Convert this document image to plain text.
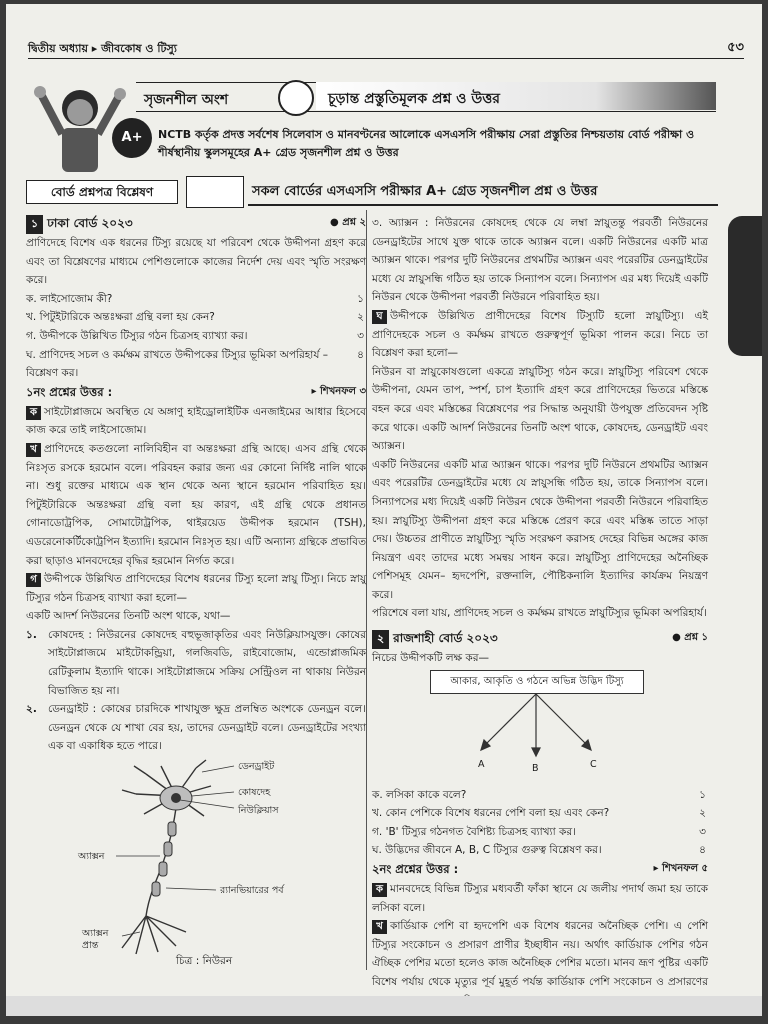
দ্বিতীয় অধ্যায় ▸ জীবকোষ ও টিস্যু	৫৩
সৃজনশীল অংশ	চূড়ান্ত প্রস্তুতিমূলক প্রশ্ন ও উত্তর
A+	NCTB কর্তৃক প্রদত্ত সর্বশেষ সিলেবাস ও মানবণ্টনের আলোকে এসএসসি পরীক্ষায় সেরা প্রস্তুতির নিশ্চয়তায় বোর্ড পরীক্ষা ও শীর্ষস্থানীয় স্কুলসমূহের A+ গ্রেড সৃজনশীল প্রশ্ন ও উত্তর
বোর্ড প্রশ্নপত্র বিশ্লেষণ	সকল বোর্ডের এসএসসি পরীক্ষার A+ গ্রেড সৃজনশীল প্রশ্ন ও উত্তর
১ ঢাকা বোর্ড ২০২৩	● প্রশ্ন ২

প্রাণিদেহে বিশেষ এক ধরনের টিস্যু রয়েছে যা পরিবেশ থেকে উদ্দীপনা গ্রহণ করে এবং তা বিশ্লেষণের মাধ্যমে পেশিগুলোকে কাজের নির্দেশ দেয় এবং স্মৃতি সংরক্ষণ করে।

ক. লাইসোজোম কী?	১
খ. পিটুইটারিকে অন্তঃক্ষরা গ্রন্থি বলা হয় কেন?	২
গ. উদ্দীপকে উল্লিখিত টিস্যুর গঠন চিত্রসহ ব্যাখ্যা কর।	৩
ঘ. প্রাণিদেহ সচল ও কর্মক্ষম রাখতে উদ্দীপকের টিস্যুর ভূমিকা অপরিহার্য – বিশ্লেষণ কর।
৪
১নং প্রশ্নের উত্তর :	▸ শিখনফল ৩

ক সাইটোপ্লাজমে অবস্থিত যে অঙ্গাণু হাইড্রোলাইটিক এনজাইমের আধার হিসেবে কাজ করে তাই লাইসোজোম।

খ প্রাণিদেহে কতগুলো নালিবিহীন বা অন্তঃক্ষরা গ্রন্থি আছে। এসব গ্রন্থি থেকে নিঃসৃত রসকে হরমোন বলে। পরিবহন করার জন্য এর কোনো নির্দিষ্ট নালি থাকে না। শুধু রক্তের মাধ্যমে এক স্থান থেকে অন্য স্থানে হরমোন পরিবাহিত হয়। পিটুইটারিকে অন্তঃক্ষরা গ্রন্থি বলা হয় কারণ, এই গ্রন্থি থেকে প্রধানত গোনাডোট্রপিক, সোমাটোট্রপিক, থাইরয়েড উদ্দীপক হরমোন (TSH), এডরেনোকর্টিকোট্রপিন ইত্যাদি। হরমোন নিঃসৃত হয়। এটি অন্যান্য গ্রন্থিকে প্রভাবিত করা ছাড়াও মানবদেহের বৃদ্ধির হরমোন নির্গত করে।

গ উদ্দীপকে উল্লিখিত প্রাণিদেহের বিশেষ ধরনের টিস্যু হলো স্নায়ু টিস্যু। নিচে স্নায়ু টিস্যুর গঠন চিত্রসহ ব্যাখ্যা করা হলো—

একটি আদর্শ নিউরনের তিনটি অংশ থাকে, যথা—

১. কোষদেহ : নিউরনের কোষদেহ বহুভূজাকৃতির এবং নিউক্লিয়াসযুক্ত। কোষের সাইটোপ্লাজমে মাইটোকন্ড্রিয়া, গলজিবডি, রাইবোজোম, এন্ডোপ্লাজমিক রেটিকুলাম ইত্যাদি থাকে। সাইটোপ্লাজমে সক্রিয় সেন্ট্রিওল না থাকায় নিউরন বিভাজিত হয় না।
২. ডেনড্রাইট : কোষের চারদিকে শাখাযুক্ত ক্ষুদ্র প্রলম্বিত অংশকে ডেনড্রন বলে। ডেনড্রন থেকে যে শাখা বের হয়, তাদের ডেনড্রাইট বলে। ডেনড্রাইটের সংখ্যা এক বা একাধিক হতে পারে।
ডেনড্রাইট
কোষদেহ
নিউক্লিয়াস
অ্যাক্সন
র‍্যানভিয়ারের পর্ব
অ্যাক্সন প্রান্ত
চিত্র : নিউরন

৩. অ্যাক্সন : নিউরনের কোষদেহ থেকে যে লম্বা স্নায়ুতন্তু পরবর্তী নিউরনের ডেনড্রাইটের সাথে যুক্ত থাকে তাকে অ্যাক্সন বলে। একটি নিউরনের একটি মাত্র অ্যাক্সন থাকে। পরপর দুটি নিউরনের প্রথমটির অ্যাক্সন এবং পরেরটির ডেনড্রাইটের মধ্যে যে স্নায়ুসন্ধি গঠিত হয় তাকে সিন্যাপস বলে। সিন্যাপস এর মধ্য দিয়েই একটি নিউরন থেকে উদ্দীপনা পরবর্তী নিউরনে পরিবাহিত হয়।

ঘ উদ্দীপকে উল্লিখিত প্রাণীদেহের বিশেষ টিস্যুটি হলো স্নায়ুটিস্যু। এই প্রাণিদেহকে সচল ও কর্মক্ষম রাখতে গুরুত্বপূর্ণ ভূমিকা পালন করে। নিচে তা বিশ্লেষণ করা হলো—

নিউরন বা স্নায়ুকোষগুলো একত্রে স্নায়ুটিস্যু গঠন করে। স্নায়ুটিস্যু পরিবেশ থেকে উদ্দীপনা, যেমন তাপ, স্পর্শ, চাপ ইত্যাদি গ্রহণ করে প্রাণিদেহের ভিতরে মস্তিষ্কে বহন করে এবং মস্তিষ্কের বিশ্লেষণের পর সিদ্ধান্ত অনুযায়ী উপযুক্ত প্রতিবেদন সৃষ্টি করে থাকে। একটি আদর্শ নিউরনের তিনটি অংশ থাকে, কোষদেহ, ডেনড্রাইট এবং অ্যাক্সন।

একটি নিউরনের একটি মাত্র অ্যাক্সন থাকে। পরপর দুটি নিউরনে প্রথমটির অ্যাক্সন এবং পরেরটির ডেনড্রাইটের মধ্যে যে স্নায়ুসন্ধি গঠিত হয়, তাকে সিন্যাপস বলে। সিন্যাপসের মধ্য দিয়েই একটি নিউরন থেকে উদ্দীপনা পরবর্তী নিউরনে পরিবাহিত হয়। স্নায়ুটিস্যু উদ্দীপনা গ্রহণ করে মস্তিষ্কে প্রেরণ করে এবং মস্তিষ্ক তাতে সাড়া দেয়। উচ্চতর প্রাণীতে স্নায়ুটিস্যু স্মৃতি সংরক্ষণ করাসহ দেহের বিভিন্ন অঙ্গের কাজ নিয়ন্ত্রণ এবং তাদের মধ্যে সমন্বয় সাধন করে। স্নায়ুটিস্যু প্রাণিদেহের অনৈচ্ছিক পেশিসমূহ যেমন– হৃদপেশি, রক্তনালি, পৌষ্টিকনালি ইত্যাদির কার্যক্রম নিয়ন্ত্রণ করে।

পরিশেষে বলা যায়, প্রাণিদেহ সচল ও কর্মক্ষম রাখতে স্নায়ুটিস্যুর ভূমিকা অপরিহার্য।

২ রাজশাহী বোর্ড ২০২৩	● প্রশ্ন ১

নিচের উদ্দীপকটি লক্ষ কর—

আকার, আকৃতি ও গঠনে অভিন্ন উদ্ভিদ টিস্যু
A	B	C
ক. লসিকা কাকে বলে?	১
খ. কোন পেশিকে বিশেষ ধরনের পেশি বলা হয় এবং কেন?	২
গ. 'B' টিস্যুর গঠনগত বৈশিষ্ট্য চিত্রসহ ব্যাখ্যা কর।	৩
ঘ. উদ্ভিদের জীবনে A, B, C টিস্যুর গুরুত্ব বিশ্লেষণ কর।	৪
২নং প্রশ্নের উত্তর :	▸ শিখনফল ৫

ক মানবদেহে বিভিন্ন টিস্যুর মধ্যবর্তী ফাঁকা স্থানে যে জলীয় পদার্থ জমা হয় তাকে লসিকা বলে।

খ কার্ডিয়াক পেশি বা হৃদপেশি এক বিশেষ ধরনের অনৈচ্ছিক পেশি। এ পেশি টিস্যুর সংকোচন ও প্রসারণ প্রাণীর ইচ্ছাধীন নয়। অর্থাৎ কার্ডিয়াক পেশির গঠন ঐচ্ছিক পেশির মতো হলেও কাজ অনৈচ্ছিক পেশির মতো। মানব ভ্রূণ পুষ্টির একটি বিশেষ পর্যায় থেকে মৃত্যুর পূর্ব মুহূর্ত পর্যন্ত কার্ডিয়াক পেশি সংকোচন ও প্রসারণের
